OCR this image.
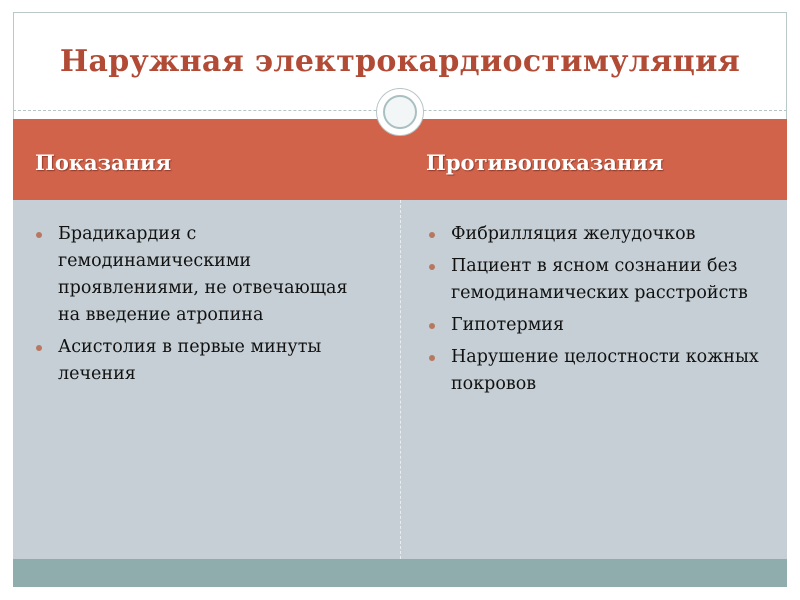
Наружная электрокардиостимуляция
Показания	Противопоказания
Брадикардия с гемодинамическими проявлениями, не отвечающая на введение атропина
Асистолия в первые минуты лечения
Фибрилляция желудочков
Пациент в ясном сознании без гемодинамических расстройств
Гипотермия
Нарушение целостности кожных покровов
